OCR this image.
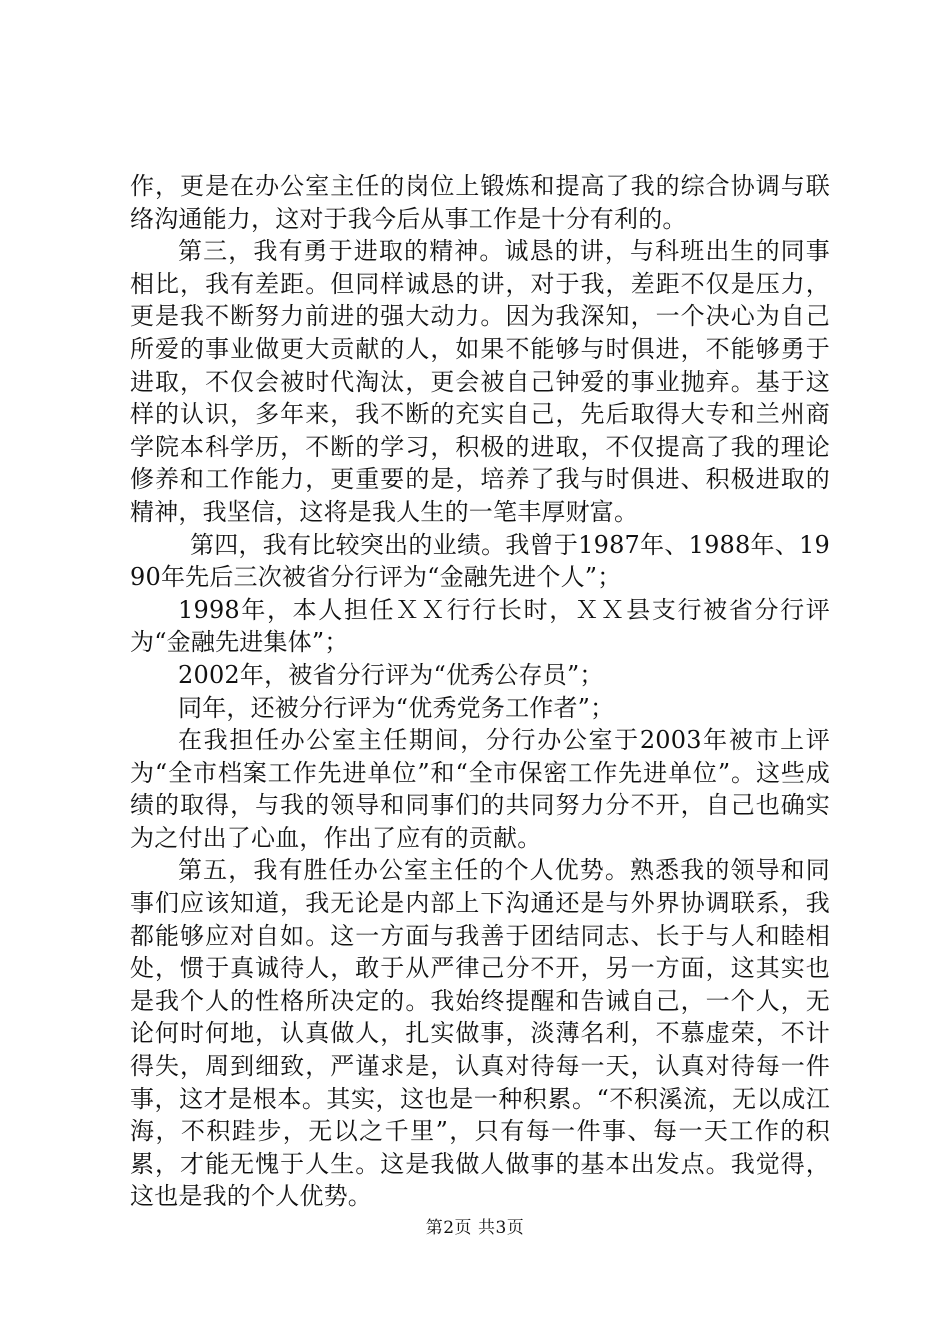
作，更是在办公室主任的岗位上锻炼和提高了我的综合协调与联络沟通能力，这对于我今后从事工作是十分有利的。

第三，我有勇于进取的精神。诚恳的讲，与科班出生的同事相比，我有差距。但同样诚恳的讲，对于我，差距不仅是压力，更是我不断努力前进的强大动力。因为我深知，一个决心为自己所爱的事业做更大贡献的人，如果不能够与时俱进，不能够勇于进取，不仅会被时代淘汰，更会被自己钟爱的事业抛弃。基于这样的认识，多年来，我不断的充实自己，先后取得大专和兰州商学院本科学历，不断的学习，积极的进取，不仅提高了我的理论修养和工作能力，更重要的是，培养了我与时俱进、积极进取的精神，我坚信，这将是我人生的一笔丰厚财富。

第四，我有比较突出的业绩。我曾于1987年、1988年、1990年先后三次被省分行评为“金融先进个人”；

1998年，本人担任ＸＸ行行长时，ＸＸ县支行被省分行评为“金融先进集体”；

2002年，被省分行评为“优秀公存员”；

同年，还被分行评为“优秀党务工作者”；

在我担任办公室主任期间，分行办公室于2003年被市上评为“全市档案工作先进单位”和“全市保密工作先进单位”。这些成绩的取得，与我的领导和同事们的共同努力分不开，自己也确实为之付出了心血，作出了应有的贡献。

第五，我有胜任办公室主任的个人优势。熟悉我的领导和同事们应该知道，我无论是内部上下沟通还是与外界协调联系，我都能够应对自如。这一方面与我善于团结同志、长于与人和睦相处，惯于真诚待人，敢于从严律己分不开，另一方面，这其实也是我个人的性格所决定的。我始终提醒和告诫自己，一个人，无论何时何地，认真做人，扎实做事，淡薄名利，不慕虚荣，不计得失，周到细致，严谨求是，认真对待每一天，认真对待每一件事，这才是根本。其实，这也是一种积累。“不积溪流，无以成江海，不积跬步，无以之千里”，只有每一件事、每一天工作的积累，才能无愧于人生。这是我做人做事的基本出发点。我觉得，这也是我的个人优势。

第2页 共3页
